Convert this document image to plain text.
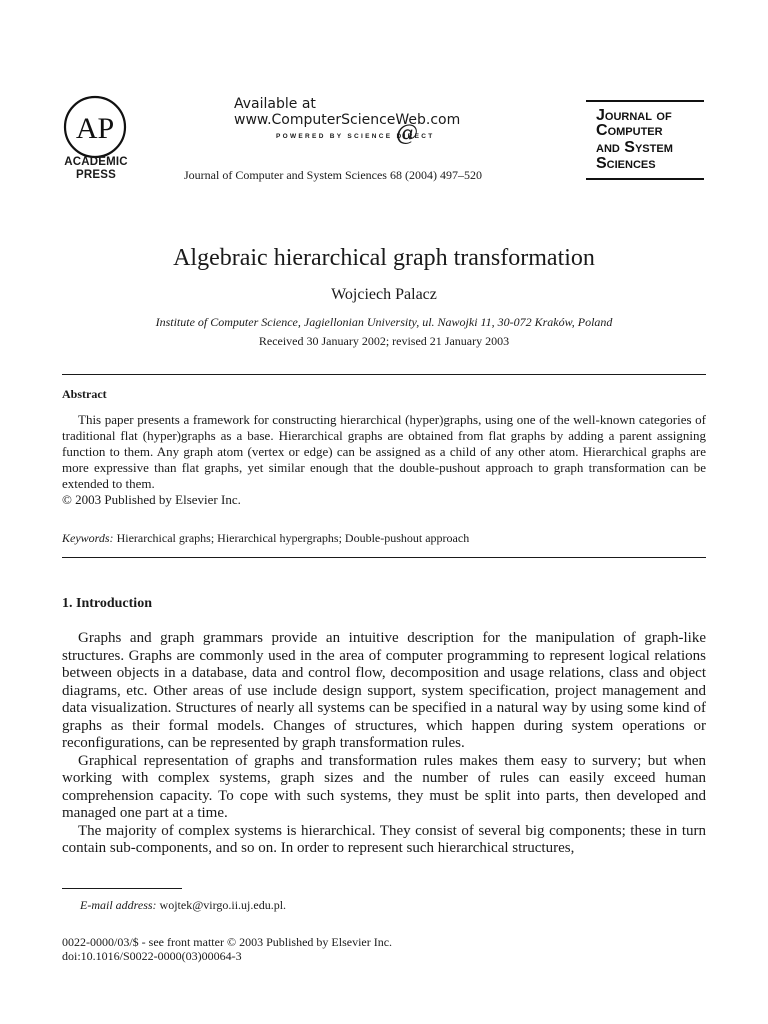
AP
ACADEMIC
PRESS
Available at
www.ComputerScienceWeb.com
POWERED BY SCIENCE DIRECT
@
Journal of Computer and System Sciences 68 (2004) 497–520
JOURNAL OF
COMPUTER
AND SYSTEM
SCIENCES
Algebraic hierarchical graph transformation
Wojciech Palacz
Institute of Computer Science, Jagiellonian University, ul. Nawojki 11, 30-072 Kraków, Poland
Received 30 January 2002; revised 21 January 2003
Abstract

This paper presents a framework for constructing hierarchical (hyper)graphs, using one of the well-known categories of traditional flat (hyper)graphs as a base. Hierarchical graphs are obtained from flat graphs by adding a parent assigning function to them. Any graph atom (vertex or edge) can be assigned as a child of any other atom. Hierarchical graphs are more expressive than flat graphs, yet similar enough that the double-pushout approach to graph transformation can be extended to them.

© 2003 Published by Elsevier Inc.

Keywords: Hierarchical graphs; Hierarchical hypergraphs; Double-pushout approach
1. Introduction

Graphs and graph grammars provide an intuitive description for the manipulation of graph-like structures. Graphs are commonly used in the area of computer programming to represent logical relations between objects in a database, data and control flow, decomposition and usage relations, class and object diagrams, etc. Other areas of use include design support, system specification, project management and data visualization. Structures of nearly all systems can be specified in a natural way by using some kind of graphs as their formal models. Changes of structures, which happen during system operations or reconfigurations, can be represented by graph transformation rules.

Graphical representation of graphs and transformation rules makes them easy to survery; but when working with complex systems, graph sizes and the number of rules can easily exceed human comprehension capacity. To cope with such systems, they must be split into parts, then developed and managed one part at a time.

The majority of complex systems is hierarchical. They consist of several big components; these in turn contain sub-components, and so on. In order to represent such hierarchical structures,

E-mail address: wojtek@virgo.ii.uj.edu.pl.
0022-0000/03/$ - see front matter © 2003 Published by Elsevier Inc.
doi:10.1016/S0022-0000(03)00064-3
